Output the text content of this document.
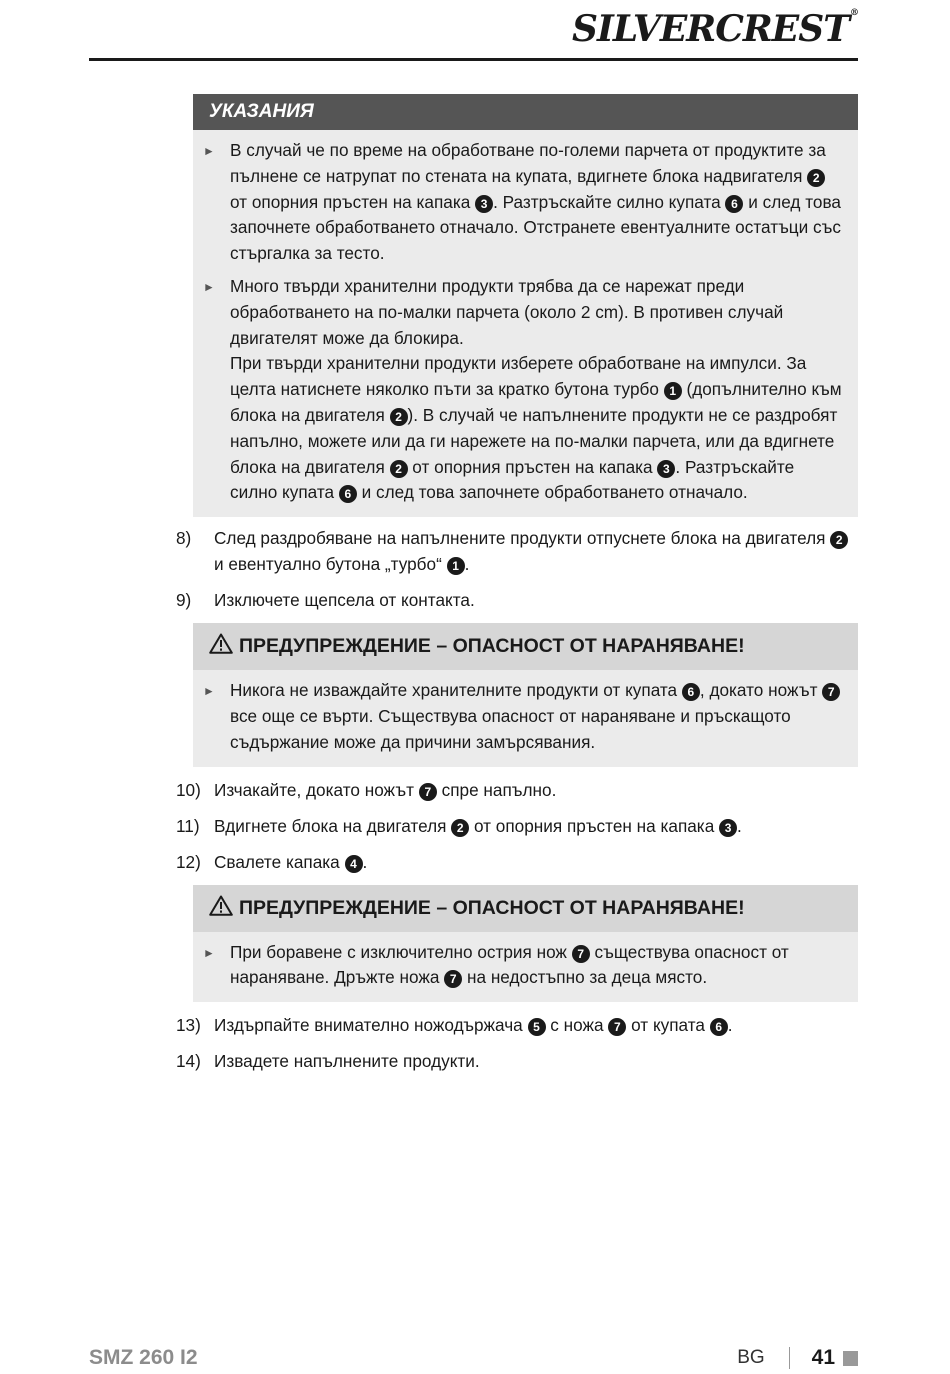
SILVERCREST®
УКАЗАНИЯ
► В случай че по време на обработване по-големи парчета от продуктите за пълнене се натрупат по стената на купата, вдигнете блока надвигателя 2 от опорния пръстен на капака 3 . Разтръскайте силно купата 6 и след това започнете обработването отначало. Отстранете евентуалните остатъци със стъргалка за тесто.

► Много твърди хранителни продукти трябва да се нарежат преди обработването на по-малки парчета (около 2 cm). В противен случай двигателят може да блокира.

При твърди хранителни продукти изберете обработване на импулси. За целта натиснете няколко пъти за кратко бутона турбо 1 (допълнително към блока на двигателя 2 ). В случай че напълнените продукти не се раздробят напълно, можете или да ги нарежете на по-малки парчета, или да вдигнете блока на двигателя 2 от опорния пръстен на капака 3 . Разтръскайте силно купата 6 и след това започнете обработването отначало.

8)	След раздробяване на напълнените продукти отпуснете блока на двигателя 2 и евентуално бутона „турбо“ 1 .

9)	Изключете щепсела от контакта.

ПРЕДУПРЕЖДЕНИЕ – ОПАСНОСТ ОТ НАРАНЯВАНЕ!
► Никога не изваждайте хранителните продукти от купата 6 , докато ножът 7 все още се върти. Съществува опасност от нараняване и пръскащото съдържание може да причини замърсявания.

10) Изчакайте, докато ножът 7 спре напълно.

11) Вдигнете блока на двигателя 2 от опорния пръстен на капака 3 .

12) Свалете капака 4 .

ПРЕДУПРЕЖДЕНИЕ – ОПАСНОСТ ОТ НАРАНЯВАНЕ!
► При боравене с изключително острия нож 7 съществува опасност от нараняване. Дръжте ножа 7 на недостъпно за деца място.

13) Издърпайте внимателно ножодържача 5 с ножа 7 от купата 6 .

14) Извадете напълнените продукти.

SMZ 260 I2	BG 41
